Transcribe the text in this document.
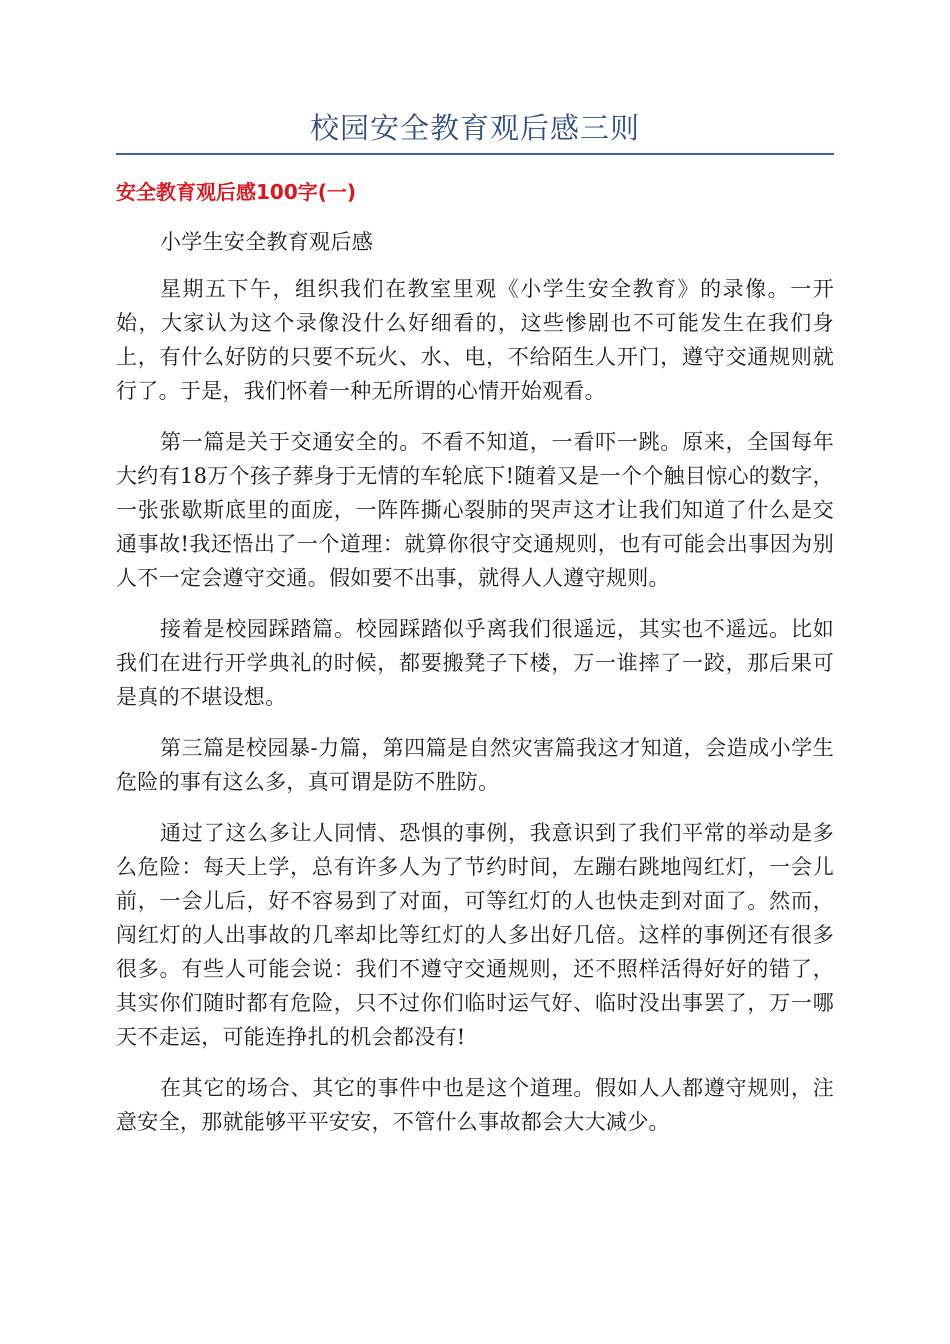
校园安全教育观后感三则
安全教育观后感100字(一)

小学生安全教育观后感

星期五下午，组织我们在教室里观《小学生安全教育》的录像。一开始，大家认为这个录像没什么好细看的，这些惨剧也不可能发生在我们身上，有什么好防的只要不玩火、水、电，不给陌生人开门，遵守交通规则就行了。于是，我们怀着一种无所谓的心情开始观看。

第一篇是关于交通安全的。不看不知道，一看吓一跳。原来，全国每年大约有18万个孩子葬身于无情的车轮底下!随着又是一个个触目惊心的数字，一张张歇斯底里的面庞，一阵阵撕心裂肺的哭声这才让我们知道了什么是交通事故!我还悟出了一个道理：就算你很守交通规则，也有可能会出事因为别人不一定会遵守交通。假如要不出事，就得人人遵守规则。

接着是校园踩踏篇。校园踩踏似乎离我们很遥远，其实也不遥远。比如我们在进行开学典礼的时候，都要搬凳子下楼，万一谁摔了一跤，那后果可是真的不堪设想。

第三篇是校园暴-力篇，第四篇是自然灾害篇我这才知道，会造成小学生危险的事有这么多，真可谓是防不胜防。

通过了这么多让人同情、恐惧的事例，我意识到了我们平常的举动是多么危险：每天上学，总有许多人为了节约时间，左蹦右跳地闯红灯，一会儿前，一会儿后，好不容易到了对面，可等红灯的人也快走到对面了。然而，闯红灯的人出事故的几率却比等红灯的人多出好几倍。这样的事例还有很多很多。有些人可能会说：我们不遵守交通规则，还不照样活得好好的错了，其实你们随时都有危险，只不过你们临时运气好、临时没出事罢了，万一哪天不走运，可能连挣扎的机会都没有!

在其它的场合、其它的事件中也是这个道理。假如人人都遵守规则，注意安全，那就能够平平安安，不管什么事故都会大大减少。
